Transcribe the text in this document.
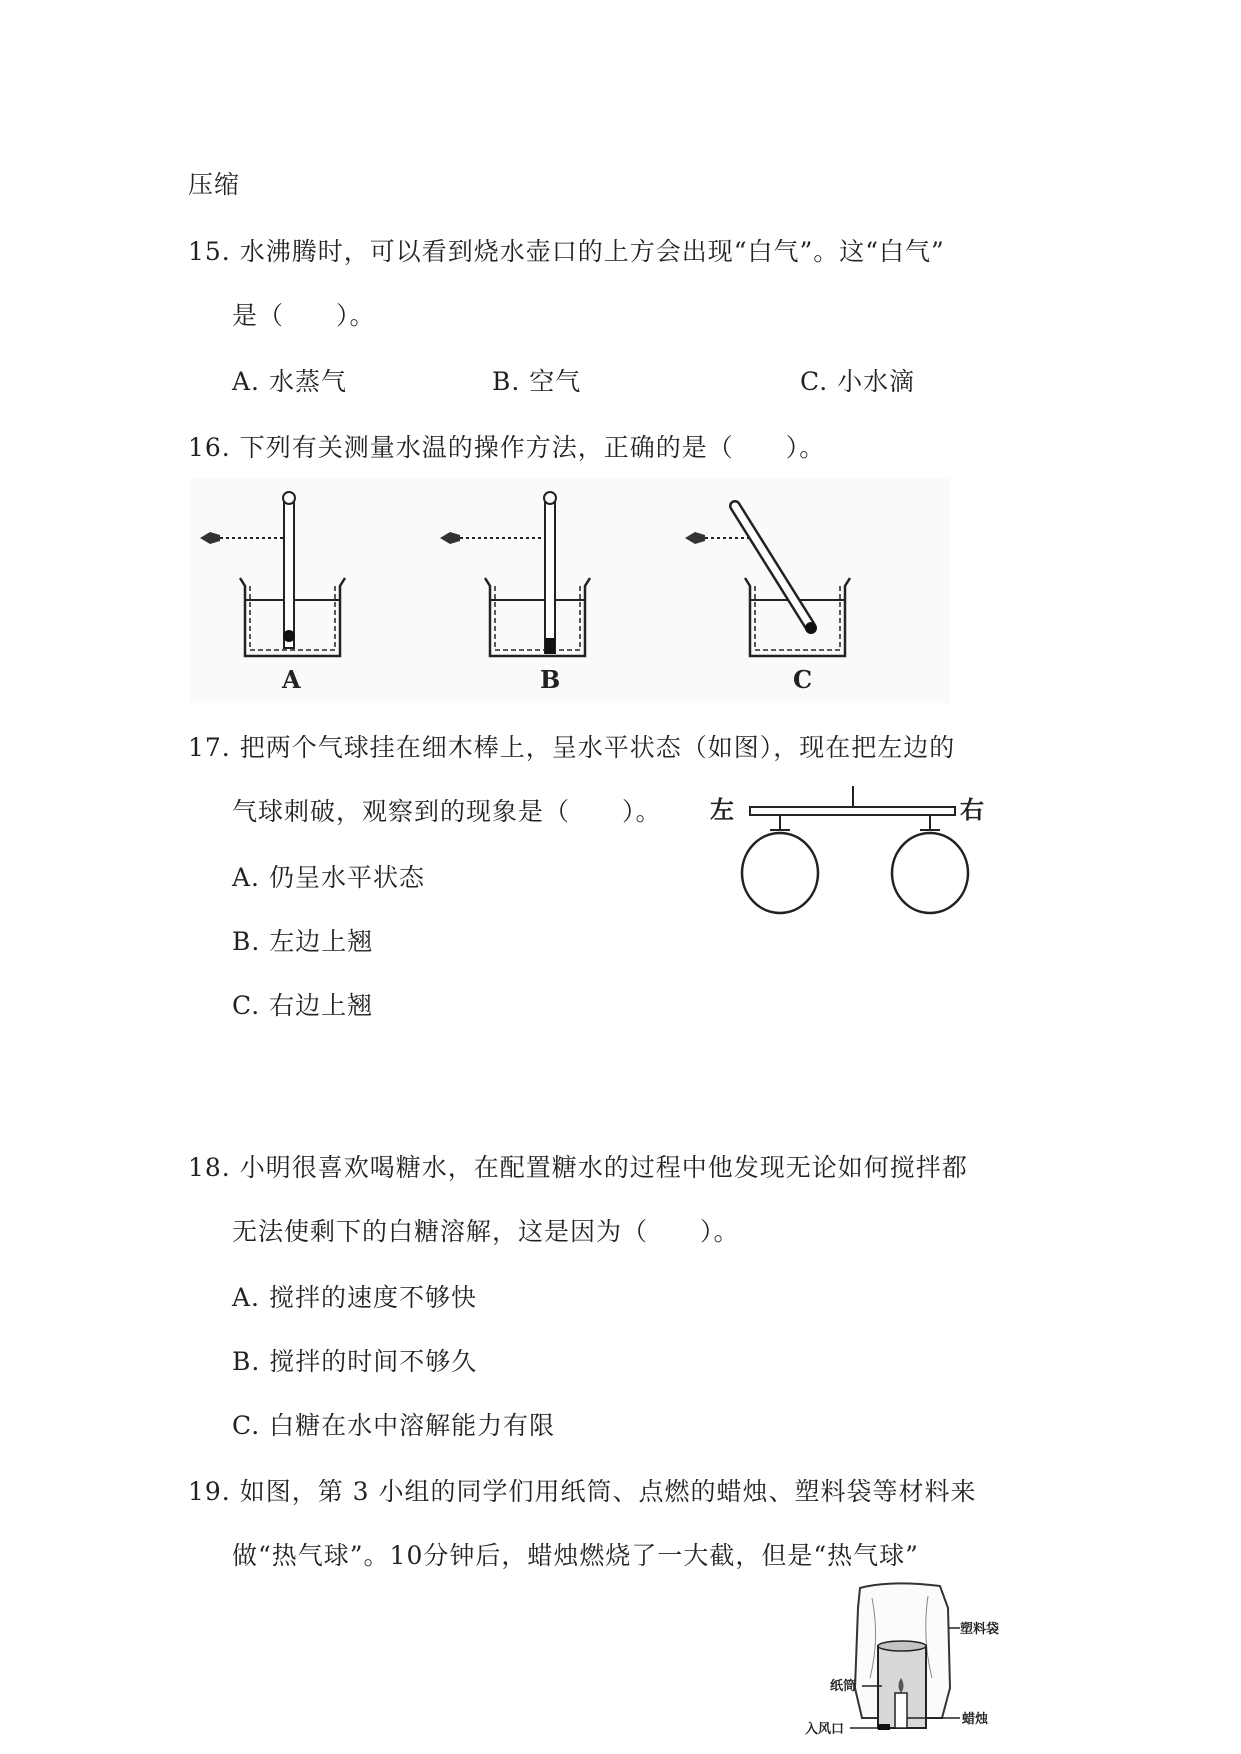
压缩
15. 水沸腾时，可以看到烧水壶口的上方会出现“白气”。这“白气”
是（　　）。
A. 水蒸气	B. 空气	C. 小水滴
16. 下列有关测量水温的操作方法，正确的是（　　）。
A	B	C
17. 把两个气球挂在细木棒上，呈水平状态（如图），现在把左边的
气球刺破，观察到的现象是（　　）。
A. 仍呈水平状态
B. 左边上翘
C. 右边上翘
左	右
18. 小明很喜欢喝糖水，在配置糖水的过程中他发现无论如何搅拌都
无法使剩下的白糖溶解，这是因为（　　）。
A. 搅拌的速度不够快
B. 搅拌的时间不够久
C. 白糖在水中溶解能力有限
19. 如图，第 3 小组的同学们用纸筒、点燃的蜡烛、塑料袋等材料来
做“热气球”。10分钟后，蜡烛燃烧了一大截，但是“热气球”
塑料袋
纸筒
蜡烛
入风口
